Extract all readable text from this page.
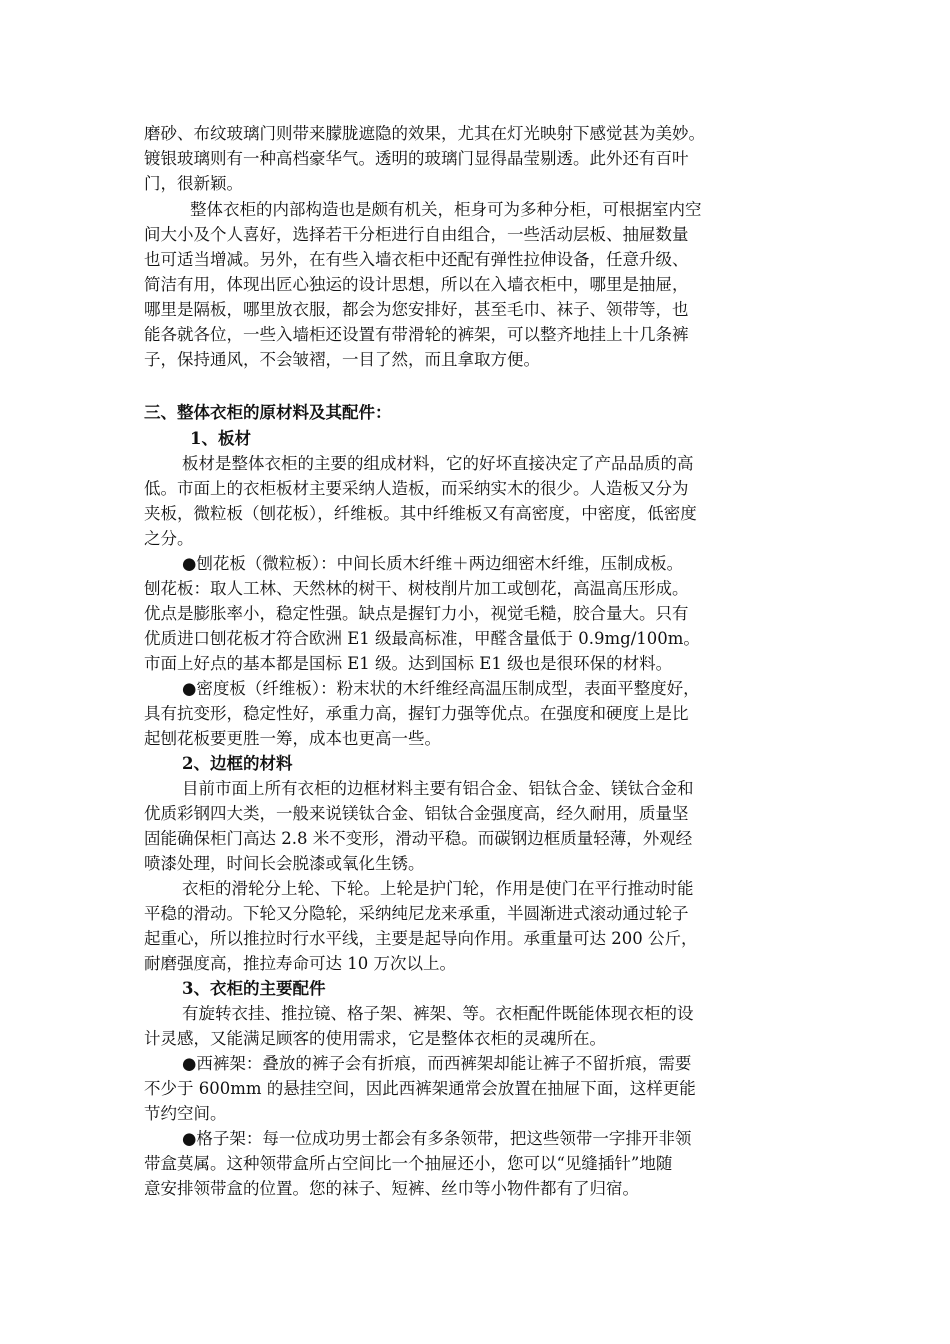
磨砂、布纹玻璃门则带来朦胧遮隐的效果，尤其在灯光映射下感觉甚为美妙。
镀银玻璃则有一种高档豪华气。透明的玻璃门显得晶莹剔透。此外还有百叶
门，很新颖。
整体衣柜的内部构造也是颇有机关，柜身可为多种分柜，可根据室内空
间大小及个人喜好，选择若干分柜进行自由组合，一些活动层板、抽屉数量
也可适当增减。另外，在有些入墙衣柜中还配有弹性拉伸设备，任意升级、
简洁有用，体现出匠心独运的设计思想，所以在入墙衣柜中，哪里是抽屉，
哪里是隔板，哪里放衣服，都会为您安排好，甚至毛巾、袜子、领带等，也
能各就各位，一些入墙柜还设置有带滑轮的裤架，可以整齐地挂上十几条裤
子，保持通风，不会皱褶，一目了然，而且拿取方便。
三、整体衣柜的原材料及其配件：
1、板材
板材是整体衣柜的主要的组成材料，它的好坏直接决定了产品品质的高
低。市面上的衣柜板材主要采纳人造板，而采纳实木的很少。人造板又分为
夹板，微粒板（刨花板），纤维板。其中纤维板又有高密度，中密度，低密度
之分。
●刨花板（微粒板）：中间长质木纤维＋两边细密木纤维，压制成板。
刨花板：取人工林、天然林的树干、树枝削片加工或刨花，高温高压形成。
优点是膨胀率小，稳定性强。缺点是握钉力小，视觉毛糙，胶合量大。只有
优质进口刨花板才符合欧洲 E1 级最高标准，甲醛含量低于 0.9mg/100m。
市面上好点的基本都是国标 E1 级。达到国标 E1 级也是很环保的材料。
●密度板（纤维板）：粉末状的木纤维经高温压制成型，表面平整度好，
具有抗变形，稳定性好，承重力高，握钉力强等优点。在强度和硬度上是比
起刨花板要更胜一筹，成本也更高一些。
2、边框的材料
目前市面上所有衣柜的边框材料主要有铝合金、铝钛合金、镁钛合金和
优质彩钢四大类，一般来说镁钛合金、铝钛合金强度高，经久耐用，质量坚
固能确保柜门高达 2.8 米不变形，滑动平稳。而碳钢边框质量轻薄，外观经
喷漆处理，时间长会脱漆或氧化生锈。
衣柜的滑轮分上轮、下轮。上轮是护门轮，作用是使门在平行推动时能
平稳的滑动。下轮又分隐轮，采纳纯尼龙来承重，半圆渐进式滚动通过轮子
起重心，所以推拉时行水平线，主要是起导向作用。承重量可达 200 公斤，
耐磨强度高，推拉寿命可达 10 万次以上。
3、衣柜的主要配件
有旋转衣挂、推拉镜、格子架、裤架、等。衣柜配件既能体现衣柜的设
计灵感，又能满足顾客的使用需求，它是整体衣柜的灵魂所在。
●西裤架：叠放的裤子会有折痕，而西裤架却能让裤子不留折痕，需要
不少于 600mm 的悬挂空间，因此西裤架通常会放置在抽屉下面，这样更能
节约空间。
●格子架：每一位成功男士都会有多条领带，把这些领带一字排开非领
带盒莫属。这种领带盒所占空间比一个抽屉还小，您可以“见缝插针”地随
意安排领带盒的位置。您的袜子、短裤、丝巾等小物件都有了归宿。
